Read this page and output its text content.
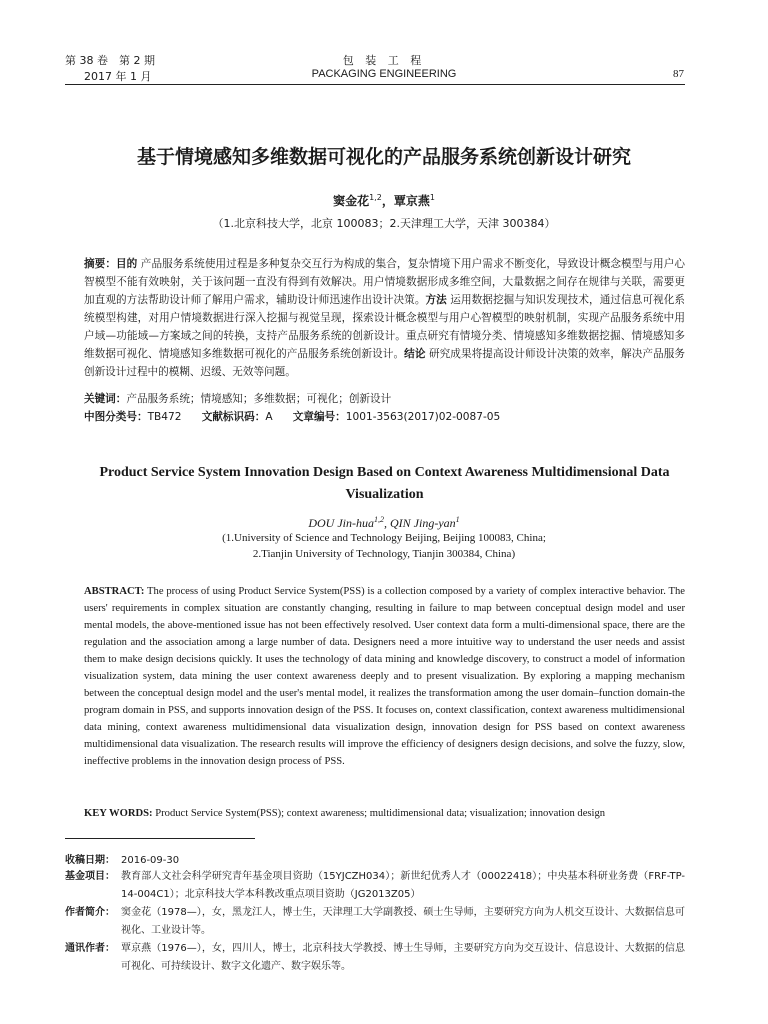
第 38 卷　第 2 期
2017 年 1 月
包 装 工 程
PACKAGING ENGINEERING	87
基于情境感知多维数据可视化的产品服务系统创新设计研究
窦金花$^{1,2}$，覃京燕$^1$
（1.北京科技大学，北京 100083；2.天津理工大学，天津 300384）

摘要：目的 产品服务系统使用过程是多种复杂交互行为构成的集合，复杂情境下用户需求不断变化，导致设计概念模型与用户心智模型不能有效映射，关于该问题一直没有得到有效解决。用户情境数据形成多维空间，大量数据之间存在规律与关联，需要更加直观的方法帮助设计师了解用户需求，辅助设计师迅速作出设计决策。方法 运用数据挖掘与知识发现技术，通过信息可视化系统模型构建，对用户情境数据进行深入挖掘与视觉呈现，探索设计概念模型与用户心智模型的映射机制，实现产品服务系统中用户域—功能域—方案域之间的转换，支持产品服务系统的创新设计。重点研究有情境分类、情境感知多维数据挖掘、情境感知多维数据可视化、情境感知多维数据可视化的产品服务系统创新设计。结论 研究成果将提高设计师设计决策的效率，解决产品服务创新设计过程中的模糊、迟缓、无效等问题。

关键词：产品服务系统；情境感知；多维数据；可视化；创新设计

中图分类号：TB472 文献标识码：A 文章编号：1001-3563(2017)02-0087-05

Product Service System Innovation Design Based on Context Awareness Multidimensional Data Visualization
DOU Jin-hua$^{1,2}$, QIN Jing-yan$^1$
(1.University of Science and Technology Beijing, Beijing 100083, China;
2.Tianjin University of Technology, Tianjin 300384, China)

ABSTRACT: The process of using Product Service System(PSS) is a collection composed by a variety of complex interactive behavior. The users' requirements in complex situation are constantly changing, resulting in failure to map between conceptual design model and user mental models, the above-mentioned issue has not been effectively resolved. User context data form a multi-dimensional space, there are the regulation and the association among a large number of data. Designers need a more intuitive way to understand the user needs and assist them to make design decisions quickly. It uses the technology of data mining and knowledge discovery, to construct a model of information visualization system, data mining the user context awareness deeply and to present visualization. By exploring a mapping mechanism between the conceptual design model and the user's mental model, it realizes the transformation among the user domain–function domain-the program domain in PSS, and supports innovation design of the PSS. It focuses on, context classification, context awareness multidimensional data mining, context awareness multidimensional data visualization design, innovation design for PSS based on context awareness multidimensional data visualization. The research results will improve the efficiency of designers design decisions, and solve the fuzzy, slow, ineffective problems in the innovation design process of PSS.

KEY WORDS: Product Service System(PSS); context awareness; multidimensional data; visualization; innovation design

收稿日期： 2016-09-30
基金项目： 教育部人文社会科学研究青年基金项目资助（15YJCZH034）；新世纪优秀人才（00022418）；中央基本科研业务费（FRF-TP-14-004C1）；北京科技大学本科教改重点项目资助（JG2013Z05）
作者简介： 窦金花（1978—），女，黑龙江人，博士生，天津理工大学副教授、硕士生导师，主要研究方向为人机交互设计、大数据信息可视化、工业设计等。
通讯作者： 覃京燕（1976—），女，四川人，博士，北京科技大学教授、博士生导师，主要研究方向为交互设计、信息设计、大数据的信息可视化、可持续设计、数字文化遗产、数字娱乐等。
